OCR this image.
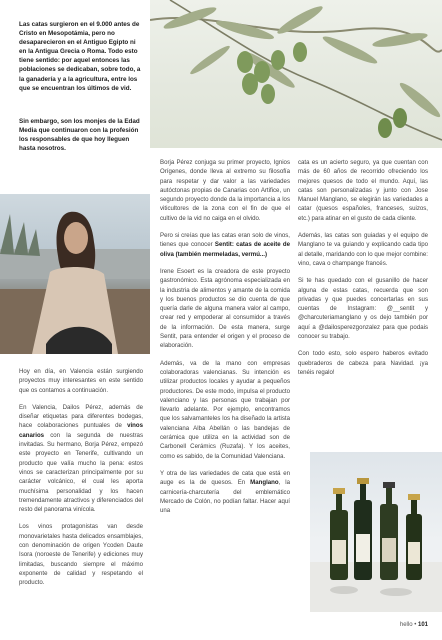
Las catas surgieron en el 9.000 antes de Cristo en Mesopotámia, pero no desaparecieron en el Antiguo Egipto ni en la Antigua Grecia o Roma. Todo esto tiene sentido: por aquel entonces las poblaciones se dedicaban, sobre todo, a la ganadería y a la agricultura, entre los que se encuentran los últimos de vid.
Sin embargo, son los monjes de la Edad Media que continuaron con la profesión los responsables de que hoy lleguen hasta nosotros.

Hoy en día, en Valencia están surgiendo proyectos muy interesantes en este sentido que os contamos a continuación.

En Valencia, Dailos Pérez, además de diseñar etiquetas para diferentes bodegas, hace colaboraciones puntuales de vinos canarios con la segunda de nuestras invitadas. Su hermano, Borja Pérez, empezó este proyecto en Tenerife, cultivando un producto que valía mucho la pena: estos vinos se caracterizan principalmente por su carácter volcánico, el cual les aporta muchísima personalidad y los hacen tremendamente atractivos y diferenciados del resto del panorama vinícola.

Los vinos protagonistas van desde monovarietales hasta delicados ensamblajes, con denominación de origen Ycoden Daute Isora (noroeste de Tenerife) y ediciones muy limitadas, buscando siempre el máximo exponente de calidad y respetando el producto.

Borja Pérez conjuga su primer proyecto, Ignios Orígenes, donde lleva al extremo su filosofía para respetar y dar valor a las variedades autóctonas propias de Canarias con Artifice, un segundo proyecto donde da la importancia a los viticultores de la zona con el fin de que el cultivo de la vid no caiga en el olvido.

Pero si creías que las catas eran solo de vinos, tienes que conocer Sentit: catas de aceite de oliva (también mermeladas, vermú...)

Irene Esoert es la creadora de este proyecto gastronómico. Esta agrónoma especializada en la industria de alimentos y amante de la comida y los buenos productos se dio cuenta de que quería darle de alguna manera valor al campo, crear red y empoderar al consumidor a través de la información. De esta manera, surge Sentit, para entender el origen y el proceso de elaboración.

Además, va de la mano con empresas colaboradoras valencianas. Su intención es utilizar productos locales y ayudar a pequeños productores. De este modo, impulsa el producto valenciano y las personas que trabajan por llevarlo adelante. Por ejemplo, encontramos que los salvamanteles los ha diseñado la artista valenciana Alba Abellán o las bandejas de cerámica que utiliza en la actividad son de Carbonell Cerámics (Ruzafa). Y los aceites, como es sabido, de la Comunidad Valenciana.

Y otra de las variedades de cata que está en auge es la de quesos. En Manglano, la carnicería-charcutería del emblemático Mercado de Colón, no podían faltar. Hacer aquí una

cata es un acierto seguro, ya que cuentan con más de 60 años de recorrido ofreciendo los mejores quesos de todo el mundo. Aquí, las catas son personalizadas y junto con Jose Manuel Manglano, se elegirán las variedades a catar (quesos españoles, franceses, suizos, etc.) para atinar en el gusto de cada cliente.

Además, las catas son guiadas y el equipo de Manglano te va guiando y explicando cada tipo al detalle, maridando con lo que mejor combine: vino, cava o champange francés.

Si te has quedado con el gusanillo de hacer alguna de estas catas, recuerda que son privadas y que puedes concertarlas en sus cuentas de Instagram: @__sentit y @charcuteriamanglano y os dejo también por aquí a @dailosperezgonzalez para que podais conocer su trabajo.

Con todo esto, solo espero haberos evitado quebraderos de cabeza para Navidad. ¡ya tenéis regalo!

hello • 101
